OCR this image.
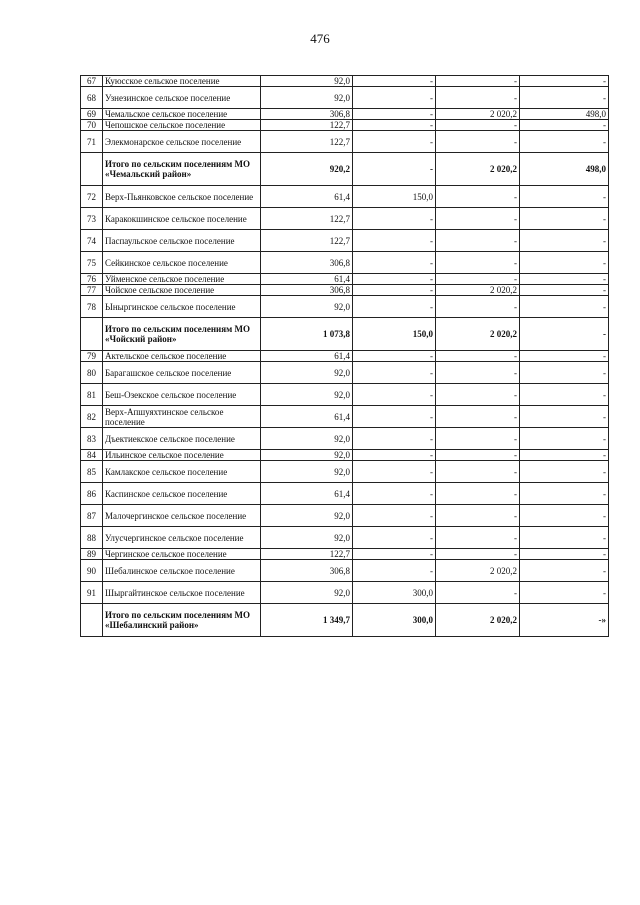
476
67	Куюсское сельское поселение	92,0	-	-	-
68	Узнезинское сельское поселение	92,0	-	-	-
69	Чемальское сельское поселение	306,8	-	2 020,2	498,0
70	Чепошское сельское поселение	122,7	-	-	-
71	Элекмонарское сельское поселение	122,7	-	-	-
	Итого по сельским поселениям МО «Чемальский район»	920,2	-	2 020,2	498,0
72	Верх-Пьянковское сельское поселение	61,4	150,0	-	-
73	Каракокшинское сельское поселение	122,7	-	-	-
74	Паспаульское сельское поселение	122,7	-	-	-
75	Сейкинское сельское поселение	306,8	-	-	-
76	Уйменское сельское поселение	61,4	-	-	-
77	Чойское сельское поселение	306,8	-	2 020,2	-
78	Ыныргинское сельское поселение	92,0	-	-	-
	Итого по сельским поселениям МО «Чойский район»	1 073,8	150,0	2 020,2	-
79	Актельское сельское поселение	61,4	-	-	-
80	Барагашское сельское поселение	92,0	-	-	-
81	Беш-Озекское сельское поселение	92,0	-	-	-
82	Верх-Апшуяхтинское сельское поселение	61,4	-	-	-
83	Дъектиекское сельское поселение	92,0	-	-	-
84	Ильинское сельское поселение	92,0	-	-	-
85	Камлакское сельское поселение	92,0	-	-	-
86	Каспинское сельское поселение	61,4	-	-	-
87	Малочергинское сельское поселение	92,0	-	-	-
88	Улусчергинское сельское поселение	92,0	-	-	-
89	Чергинское сельское поселение	122,7	-	-	-
90	Шебалинское сельское поселение	306,8	-	2 020,2	-
91	Шыргайтинское сельское поселение	92,0	300,0	-	-
	Итого по сельским поселениям МО «Шебалинский район»	1 349,7	300,0	2 020,2	-»
